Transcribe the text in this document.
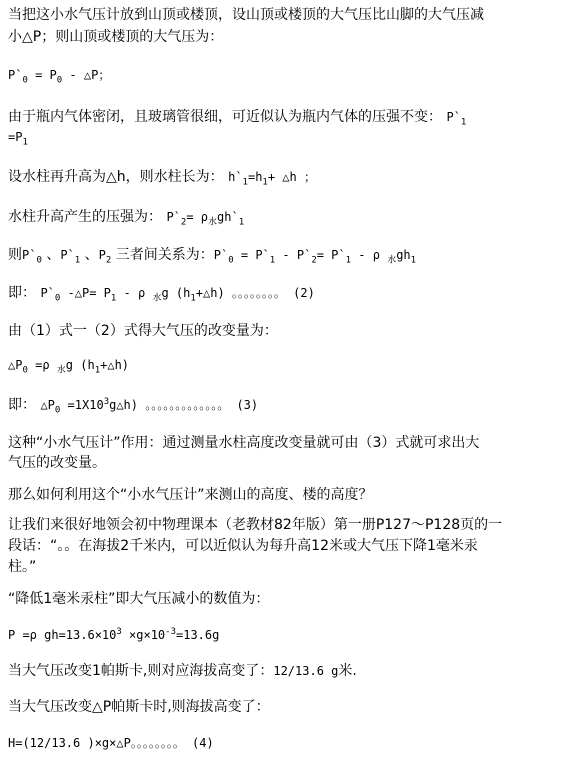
当把这小水气压计放到山顶或楼顶，设山顶或楼顶的大气压比山脚的大气压减
小△P；则山顶或楼顶的大气压为：
$P`_0 = P_0$ - △P；
由于瓶内气体密闭，且玻璃管很细，可近似认为瓶内气体的压强不变： $P`_1$
$=P_1$
设水柱再升高为△h，则水柱长为： $h`_1=h_1+$ △h ；
水柱升高产生的压强为： $P`_2=$ $\rho_水gh`_1$
则$P`_0$ 、$P`_1$ 、$P_2$ 三者间关系为：$P`_0$ = $P`_1$ - $P`_2=$ $P`_1$ - ρ $_水gh_1$
即： $P`_0$ -△P= $P_1$ - ρ $_水$g $(h_1+\triangle h)$ 。。。。。。。。 (2)
由（1）式一（2）式得大气压的改变量为：
$\triangle P_0 =\rho$ $_水$g $(h_1+\triangle h)$
即： $\triangle P_0$ $=1X10^3g\triangle h$) 。。。。。。。。。。。。。 (3)
这种“小水气压计”作用：通过测量水柱高度改变量就可由（3）式就可求出大
气压的改变量。
那么如何利用这个“小水气压计”来测山的高度、楼的高度？
让我们来很好地领会初中物理课本（老教材82年版）第一册P127～P128页的一
段话：“。。在海拔2千米内，可以近似认为每升高12米或大气压下降1毫米汞
柱。”
“降低1毫米汞柱”即大气压减小的数值为：
P =ρ $gh=13.6\times 10^3 \times g\times 10^{-3}=13.6g$
当大气压改变1帕斯卡,则对应海拔高变了：12/13.6 g米.
当大气压改变△P帕斯卡时,则海拔高变了：
H=(12/13.6 )×g×△P。。。。。。。。 (4)
